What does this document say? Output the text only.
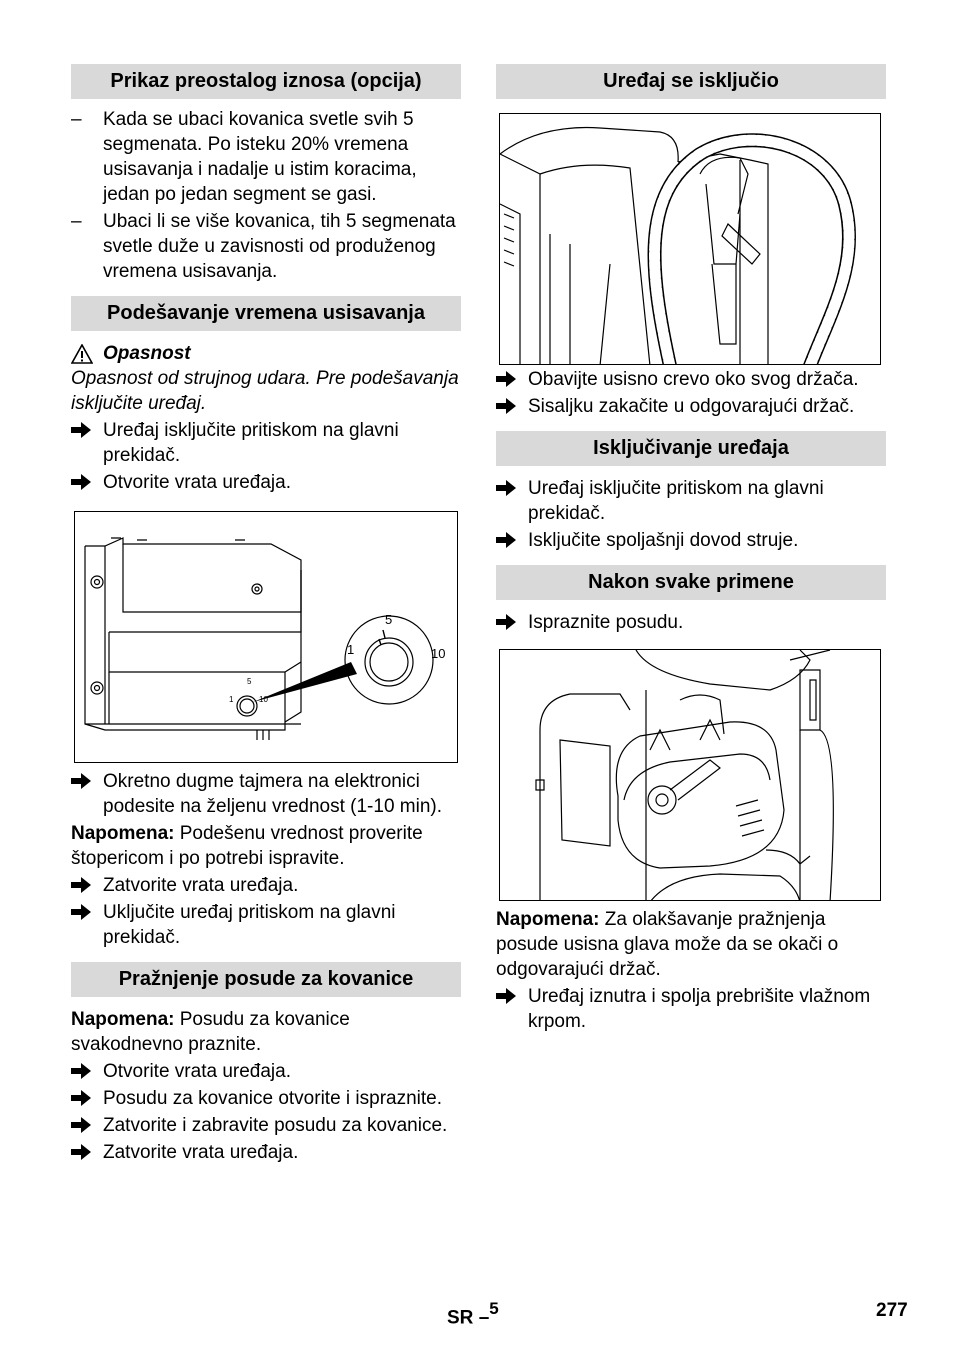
Prikaz preostalog iznosa (opcija)
–	Kada se ubaci kovanica svetle svih 5 segmenata. Po isteku 20% vremena usisavanja i nadalje u istim koracima, jedan po jedan segment se gasi.
–	Ubaci li se više kovanica, tih 5 segmenata svetle duže u zavisnosti od produženog vremena usisavanja.
Podešavanje vremena usisavanja
Opasnost

Opasnost od strujnog udara. Pre podešavanja isključite uređaj.

Uređaj isključite pritiskom na glavni prekidač.
Otvorite vrata uređaja.
5
1	10
5
1	10
Okretno dugme tajmera na elektronici podesite na željenu vrednost (1-10 min).

Napomena: Podešenu vrednost proverite štopericom i po potrebi ispravite.

Zatvorite vrata uređaja.
Uključite uređaj pritiskom na glavni prekidač.
Pražnjenje posude za kovanice

Napomena: Posudu za kovanice svakodnevno praznite.

Otvorite vrata uređaja.
Posudu za kovanice otvorite i ispraznite.
Zatvorite i zabravite posudu za kovanice.
Zatvorite vrata uređaja.
Uređaj se isključio
Obavijte usisno crevo oko svog držača.
Sisaljku zakačite u odgovarajući držač.
Isključivanje uređaja
Uređaj isključite pritiskom na glavni prekidač.
Isključite spoljašnji dovod struje.
Nakon svake primene
Ispraznite posudu.

Napomena: Za olakšavanje pražnjenja posude usisna glava može da se okači o odgovarajući držač.

Uređaj iznutra i spolja prebrišite vlažnom krpom.
SR –$^5$	277
